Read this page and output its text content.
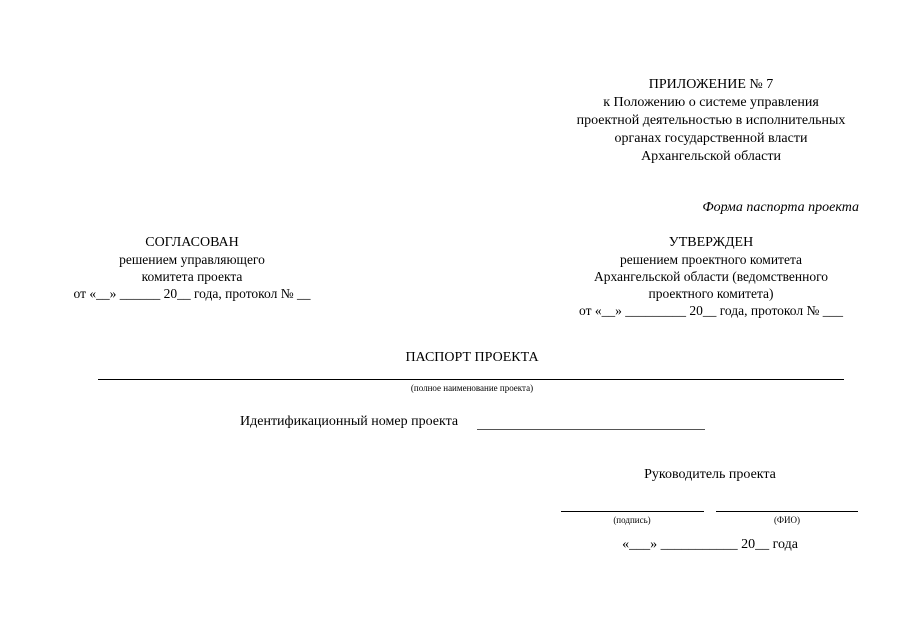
ПРИЛОЖЕНИЕ № 7
к Положению о системе управления
проектной деятельностью в исполнительных
органах государственной власти
Архангельской области
Форма паспорта проекта
СОГЛАСОВАН
решением управляющего
комитета проекта
от «__» ______ 20__ года, протокол № __
УТВЕРЖДЕН
решением проектного комитета
Архангельской области (ведомственного
проектного комитета)
от «__» _________ 20__ года, протокол № ___
ПАСПОРТ ПРОЕКТА
(полное наименование проекта)
Идентификационный номер проекта
Руководитель проекта
(подпись)	(ФИО)
«___» ___________ 20__ года
